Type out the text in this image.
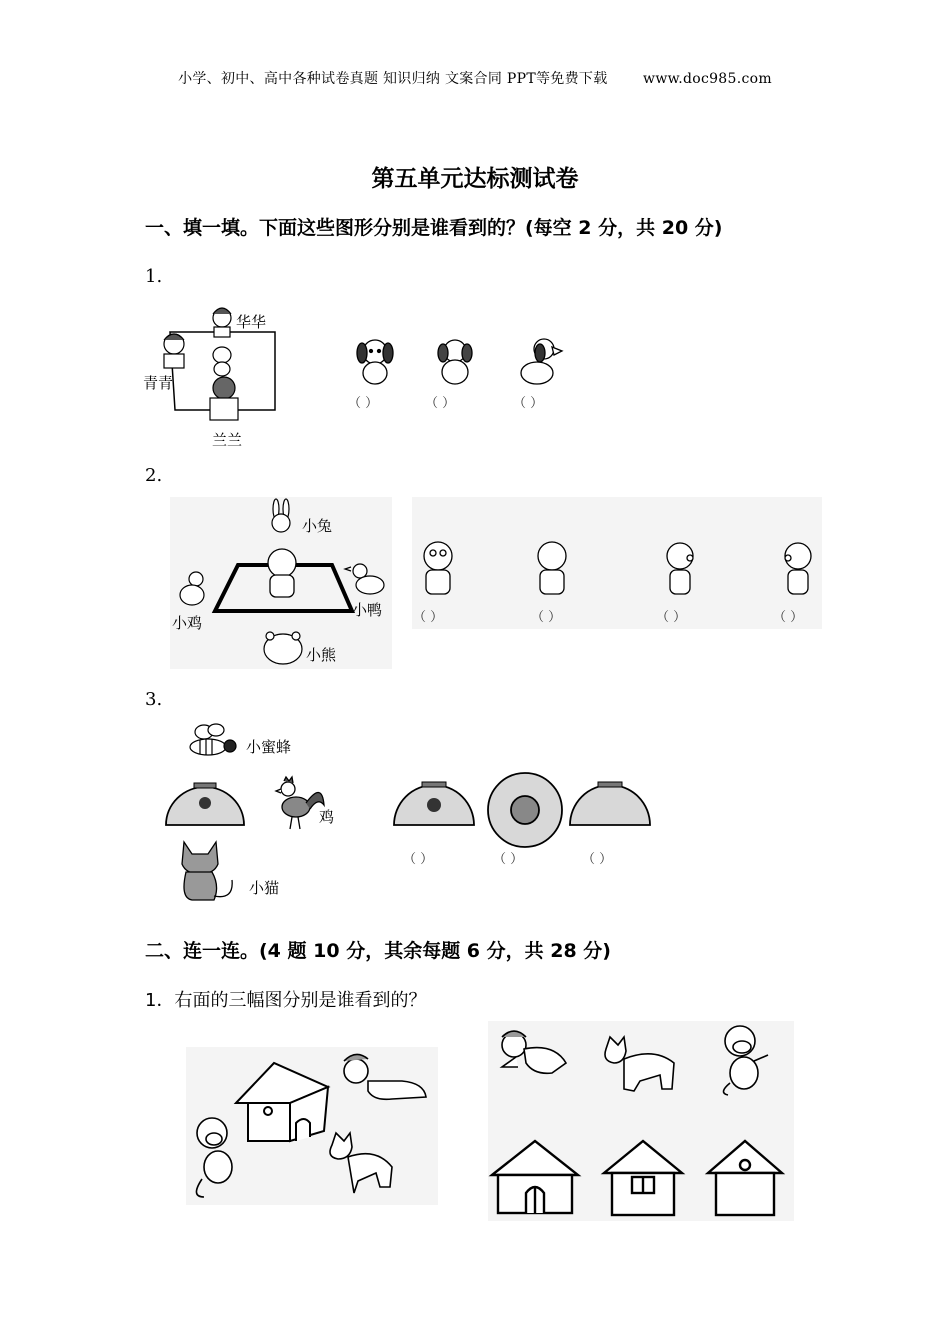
小学、初中、高中各种试卷真题 知识归纳 文案合同 PPT等免费下载	www.doc985.com
第五单元达标测试卷
一、填一填。下面这些图形分别是谁看到的？(每空 2 分，共 20 分)
1.
华华
青青
兰兰
（ ）	（ ）	（ ）
2.
小兔
小鸡
小鸭
小熊
（ ）	（ ）	（ ）	（ ）
3.
小蜜蜂
鸡
小猫
（ ）	（ ）	（ ）
二、连一连。(4 题 10 分，其余每题 6 分，共 28 分)
1．右面的三幅图分别是谁看到的？
